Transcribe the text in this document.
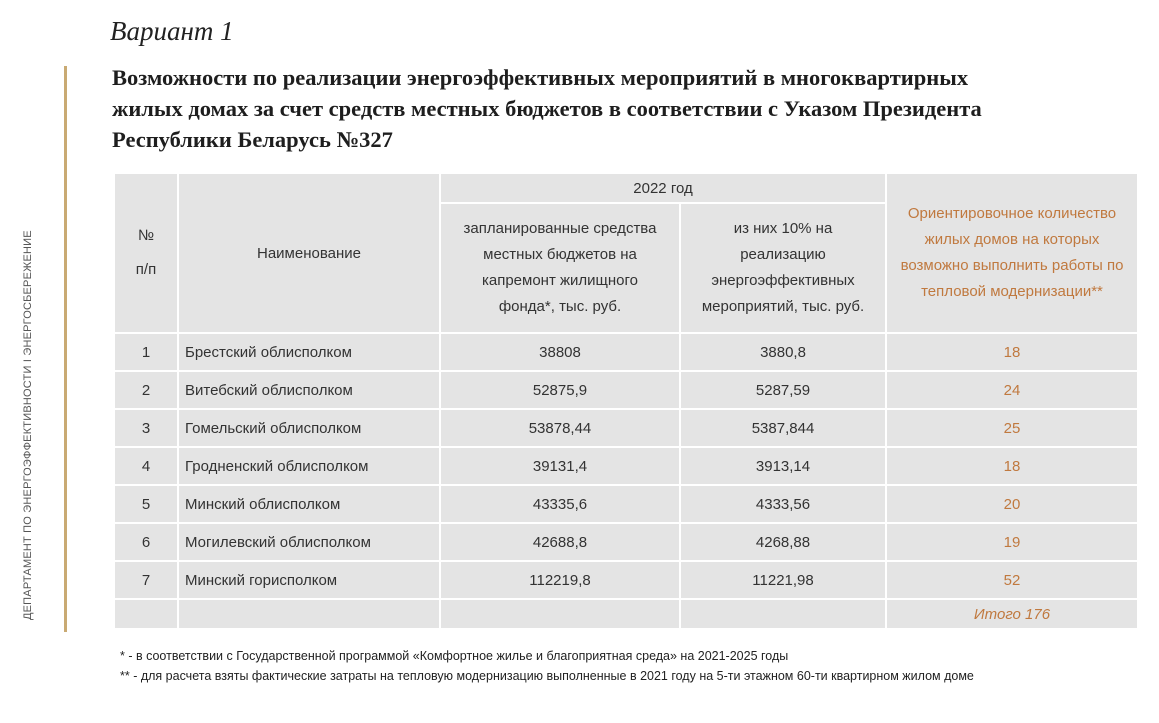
ДЕПАРТАМЕНТ ПО ЭНЕРГОЭФФЕКТИВНОСТИ I ЭНЕРГОСБЕРЕЖЕНИЕ
Вариант 1
Возможности по реализации энергоэффективных мероприятий в многоквартирных жилых домах за счет средств местных бюджетов в соответствии с Указом Президента Республики Беларусь №327
№
п/п	Наименование	2022 год		Ориентировочное количество жилых домов на которых возможно выполнить работы по тепловой модернизации**
		запланированные средства местных бюджетов на капремонт жилищного фонда*, тыс. руб.	из них 10% на реализацию энергоэффективных мероприятий, тыс. руб.	
1	Брестский облисполком	38808	3880,8	18
2	Витебский облисполком	52875,9	5287,59	24
3	Гомельский облисполком	53878,44	5387,844	25
4	Гродненский облисполком	39131,4	3913,14	18
5	Минский облисполком	43335,6	4333,56	20
6	Могилевский облисполком	42688,8	4268,88	19
7	Минский горисполком	112219,8	11221,98	52
				Итого 176
* - в соответствии с Государственной программой «Комфортное жилье и благоприятная среда» на 2021-2025 годы
** - для расчета взяты фактические затраты на тепловую модернизацию выполненные в 2021 году на 5-ти этажном 60-ти квартирном жилом доме
